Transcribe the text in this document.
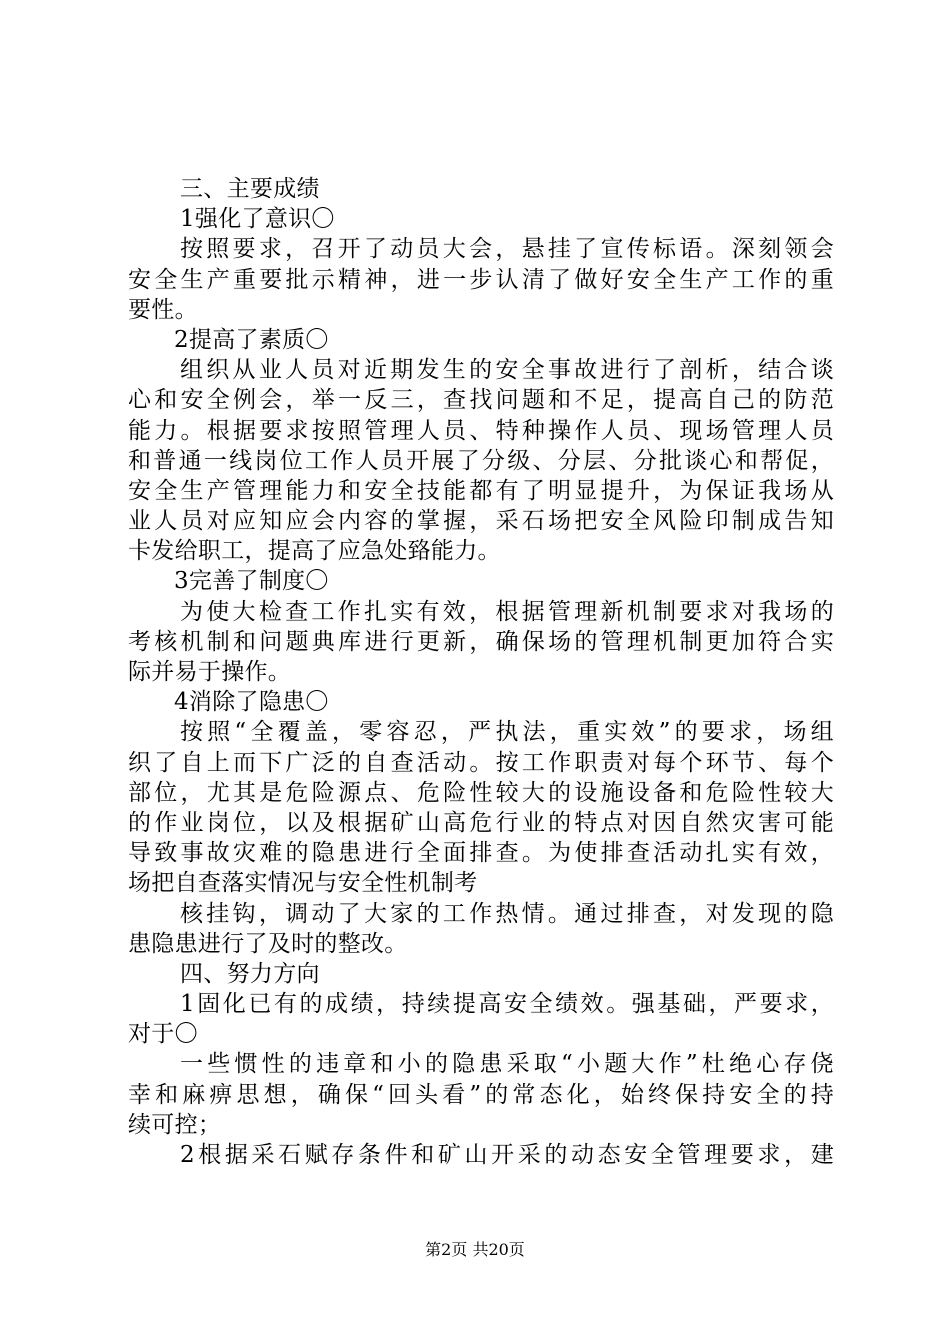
三、主要成绩
1强化了意识〇
按照要求，召开了动员大会，悬挂了宣传标语。深刻领会
安全生产重要批示精神，进一步认清了做好安全生产工作的重
要性。
2提高了素质〇
组织从业人员对近期发生的安全事故进行了剖析，结合谈
心和安全例会，举一反三，查找问题和不足，提高自己的防范
能力。根据要求按照管理人员、特种操作人员、现场管理人员
和普通一线岗位工作人员开展了分级、分层、分批谈心和帮促，
安全生产管理能力和安全技能都有了明显提升，为保证我场从
业人员对应知应会内容的掌握，采石场把安全风险印制成告知
卡发给职工，提高了应急处臵能力。
3完善了制度〇
为使大检查工作扎实有效，根据管理新机制要求对我场的
考核机制和问题典库进行更新，确保场的管理机制更加符合实
际并易于操作。
4消除了隐患〇
按照“全覆盖，零容忍，严执法，重实效”的要求，场组
织了自上而下广泛的自查活动。按工作职责对每个环节、每个
部位，尤其是危险源点、危险性较大的设施设备和危险性较大
的作业岗位，以及根据矿山高危行业的特点对因自然灾害可能
导致事故灾难的隐患进行全面排查。为使排查活动扎实有效，
场把自查落实情况与安全性机制考
核挂钩，调动了大家的工作热情。通过排查，对发现的隐
患隐患进行了及时的整改。
四、努力方向
1固化已有的成绩，持续提高安全绩效。强基础，严要求，
对于〇
一些惯性的违章和小的隐患采取“小题大作”杜绝心存侥
幸和麻痹思想，确保“回头看”的常态化，始终保持安全的持
续可控；
2根据采石赋存条件和矿山开采的动态安全管理要求，建
第2页 共20页
